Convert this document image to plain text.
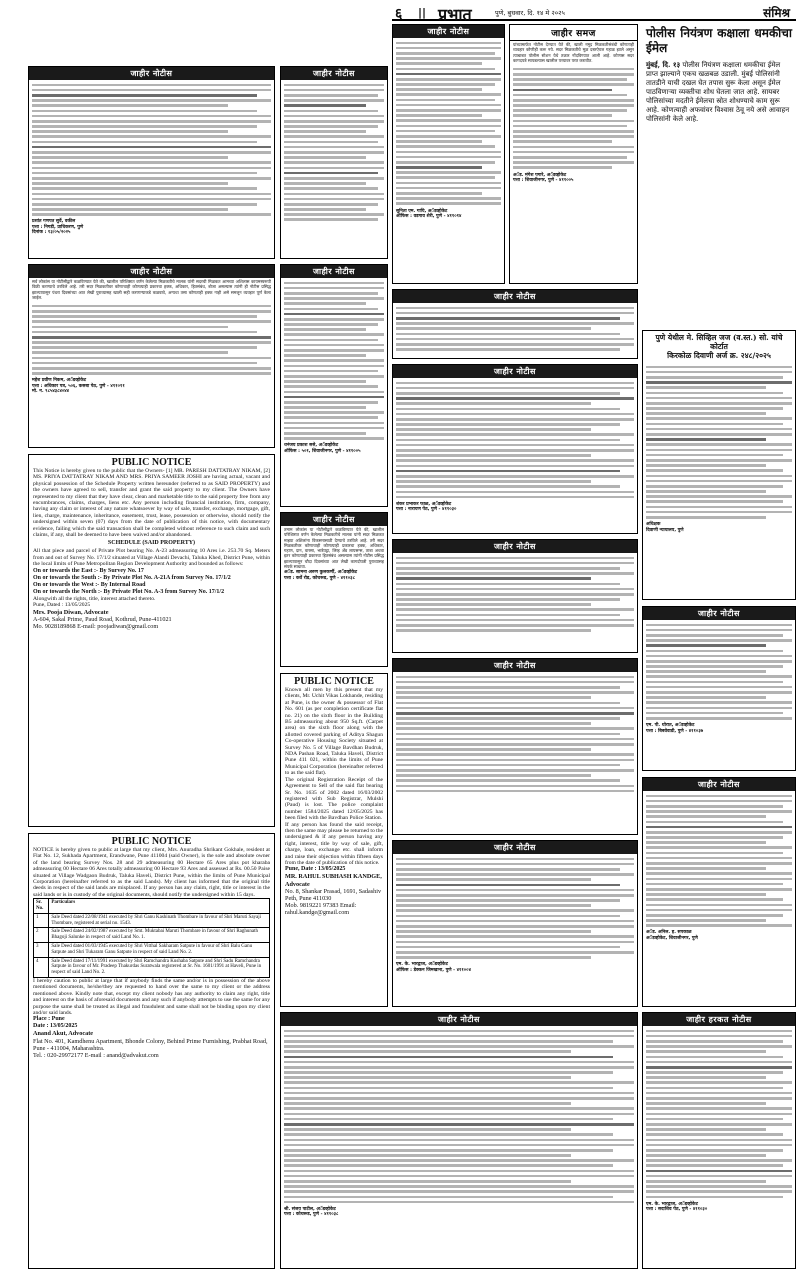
६ || प्रभात	पुणे, बुधवार, दि. १४ मे २०२५	संमिश्र
जाहीर नोटीस
प्रशांत गणपत सुर्वे, वकील
पत्ता : निगडी, प्राधिकरण, पुणे
दिनांक : १३/०५/२०२५
जाहीर नोटीस
सर्व लोकांस या नोटीसीद्वारे कळविण्यात येते की, खालील परिशिष्टात वर्णन केलेल्या मिळकतीचे मालक यांनी सदरची मिळकत आमच्या अशिलास कायमस्वरूपी विक्री करण्याचे ठरविले आहे. तरी सदर मिळकतीवर कोणाचाही कोणत्याही प्रकारचा हक्क, अधिकार, हितसंबंध, बोजा असल्यास त्यांनी ही नोटीस प्रसिद्ध झाल्यापासून पंधरा दिवसांच्या आत लेखी पुराव्यासह खाली सही करणाऱ्याकडे कळवावे, अन्यथा तसा कोणताही हक्क नाही असे समजून व्यवहार पूर्ण केला जाईल.
महेश प्रवीण निकम, अॅडव्होकेट
पत्ता : अधिकार पत्र, ५०६, कसबा पेठ, पुणे - ४११०११
मो. न. ९८५४३८४०४४
PUBLIC NOTICE
This Notice is hereby given to the public that the Owners- [1] MR. PARESH DATTATRAY NIKAM, [2] MS. PRIYA DATTATRAY NIKAM AND MRS. PRIYA SAMEER JOSHI are having actual, vacant and physical possession of the Schedule Property written hereunder (referred to as SAID PROPERTY) and the owners have agreed to sell, transfer and grant the said property to my client. The Owners have represented to my client that they have clear, clean and marketable title to the said property free from any encumbrances, claims, charges, liens etc. Any person including financial institution, firm, company, having any claim or interest of any nature whatsoever by way of sale, transfer, exchange, mortgage, gift, lien, charge, maintenance, inheritance, easement, trust, lease, possession or otherwise, should notify the undersigned within seven (07) days from the date of publication of this notice, with documentary evidence, failing which the said transaction shall be completed without reference to such claim and such claims, if any, shall be deemed to have been waived and/or abandoned.
SCHEDULE (SAID PROPERTY)
All that piece and parcel of Private Plot bearing No. A-23 admeasuring 10 Ares i.e. 253.70 Sq. Meters from and out of Survey No. 17/1/2 situated at Village Alandi Devachi, Taluka Khed, District Pune, within the local limits of Pune Metropolitan Region Development Authority and bounded as follows:
On or towards the East :- By Survey No. 17
On or towards the South :- By Private Plot No. A-21A from Survey No. 17/1/2
On or towards the West :- By Internal Road
On or towards the North :- By Private Plot No. A-3 from Survey No. 17/1/2
Alongwith all the rights, title, interest attached thereto.
Pune, Dated : 13/05/2025
Mrs. Pooja Diwan, Advocate
A-604, Sakal Prime, Paud Road, Kothrud, Pune-411021
Mo. 9028189868 E-mail: poojadiwan@gmail.com
PUBLIC NOTICE
NOTICE is hereby given to public at large that my client, Mrs. Anuradha Shrikant Gokhale, resident at Flat No. 12, Sukhada Apartment, Erandwane, Pune 411004 (said Owner), is the sole and absolute owner of the land bearing Survey Nos. 28 and 29 admeasuring 00 Hectare 65 Ares plus pot kharaba admeasuring 00 Hectare 06 Ares totally admeasuring 00 Hectare 93 Ares and assessed at Rs. 00.50 Paise situated at Village Wadgaon Budruk, Taluka Haveli, District Pune, within the limits of Pune Municipal Corporation (hereinafter referred to as the said Lands). My client has informed that the original title deeds in respect of the said lands are misplaced. If any person has any claim, right, title or interest in the said lands or is in custody of the original documents, should notify the undersigned within 15 days.
Sr. No.	Particulars
1	Sale Deed dated 22/08/1941 executed by Shri Ganu Kashinath Thombare in favour of Shri Maruti Sayaji Thombare, registered at serial no. 1543.
2	Sale Deed dated 24/02/1987 executed by Smt. Muktabai Maruti Thombare in favour of Shri Raghunath Bhagoji Salunke in respect of said Land No. 1.
3	Sale Deed dated 01/03/1945 executed by Shri Vitthal Sakharam Satpute in favour of Shri Balu Ganu Satpute and Shri Tukaram Ganu Satpute in respect of said Land No. 2.
4	Sale Deed dated 17/11/1991 executed by Shri Ramchandra Kushaba Satpute and Shri Sadu Ramchandra Satpute in favour of Mr. Pradeep Thakurdas Suratwala registered at Sr. No. 1601/1991 at Haveli, Pune in respect of said Land No. 2.
I hereby caution to public at large that if anybody finds the same and/or is in possession of the above mentioned documents, he/she/they are requested to hand over the same to my client or the address mentioned above. Kindly note that, except my client nobody has any authority to claim any right, title and interest on the basis of aforesaid documents and any such if anybody attempts to use the same for any purpose the same shall be treated as illegal and fraudulent and same shall not be binding upon my client and/or said lands.
Place : Pune
Date : 13/05/2025
Anand Akut, Advocate
Flat No. 401, Kamdhenu Apartment, Bhonde Colony, Behind Prime Furnishing, Prabhat Road, Pune - 411004, Maharashtra.
Tel. : 020-29972177 E-mail : anand@advakut.com
जाहीर नोटीस
जाहीर नोटीस
धनंजय प्रकाश ससे, अॅडव्होकेट
ऑफिस : ५०१, शिवाजीनगर, पुणे - ४११००५
जाहीर नोटीस
तमाम लोकांस या नोटीसीद्वारे कळविण्यात येते की, खालील परिशिष्टात वर्णन केलेल्या मिळकतीचे मालक यांनी सदर मिळकत माझ्या अशिलांना विकसनासाठी देण्याचे ठरविले आहे. तरी सदर मिळकतीवर कोणाचाही कोणत्याही प्रकारचा हक्क, अधिकार, गहाण, दान, वारसा, भाडेपट्टा, लिव्ह अँड लायसन्स, ताबा अथवा इतर कोणत्याही प्रकारचा हितसंबंध असल्यास त्यांनी नोटीस प्रसिद्ध झाल्यापासून चौदा दिवसांच्या आत लेखी कागदोपत्री पुराव्यासह संपर्क साधावा.
अॅड. सामना अरुण कुलकर्णी, अॅडव्होकेट
पत्ता : कर्वे रोड, कोथरूड, पुणे - ४११०३८
PUBLIC NOTICE
Known all men by this present that my clients, Mr. Uchit Vikas Lokhande, residing at Pune, is the owner & possessor of Flat No. 601 (as per completion certificate flat no. 21) on the sixth floor in the Building B5 admeasuring about 950 Sq.ft. (Carpet area) on the sixth floor along with the allotted covered parking of Aditya Shagun Co-operative Housing Society situated at Survey No. 5 of Village Bavdhan Budruk, NDA Pashan Road, Taluka Haveli, District Pune 411 021, within the limits of Pune Municipal Corporation (hereinafter referred to as the said flat).
The original Registration Receipt of the Agreement to Sell of the said flat bearing Sr. No. 1635 of 2002 dated 16/03/2002 registered with Sub Registrar, Mulshi (Paud) is lost. The police complaint number 1584/2025 dated 12/05/2025 has been filed with the Bavdhan Police Station.
If any person has found the said receipt, then the same may please be returned to the undersigned & if any person having any right, interest, title by way of sale, gift, charge, loan, exchange etc. shall inform and raise their objection within fifteen days from the date of publication of this notice.
Pune, Date : 13/05/2025
MR. RAHUL SUBHASH KANDGE, Advocate
No. 8, Shankar Prasad, 1691, Sadashiv Peth, Pune 411030
Mob. 9819221 97383 Email: rahul.kandge@gmail.com
जाहीर नोटीस
जाहीर नोटीस
शंकर प्रभाकर फाळ, अॅडव्होकेट
पत्ता : नारायण पेठ, पुणे - ४११०३०
जाहीर नोटीस
श्री. संजय पाटील, अॅडव्होकेट
पत्ता : कोथरूड, पुणे - ४११०३८
जाहीर नोटीस
सुनिता एम. गायि, अॅडव्होकेट
ऑफिस : वडगाव शेरी, पुणे - ४११०१४
जाहीर नोटीस
जाहीर नोटीस
जाहीर नोटीस
एम. के. भारद्वाज, अॅडव्होकेट
ऑफिस : डेक्कन जिमखाना, पुणे - ४११००४
जाहीर समज
यांच्यामार्फत नोटीस देण्यात येते की, खाली नमूद मिळकतीसंबंधी कोणताही व्यवहार कोणीही करू नये. सदर मिळकतीचे मूळ दस्तऐवज गहाळ झाले असून त्याबाबत पोलीस स्टेशन येथे तक्रार नोंदविण्यात आली आहे. कोणास सदर कागदपत्रे सापडल्यास खालील पत्त्यावर परत करावीत.
अॅड. मंगेश पगारे, अॅडव्होकेट
पत्ता : शिवाजीनगर, पुणे - ४११००५
जाहीर हरकत नोटीस
एम. के. भारद्वाज, अॅडव्होकेट
पत्ता : सदाशिव पेठ, पुणे - ४११०३०
पोलीस नियंत्रण कक्षाला धमकीचा ईमेल
मुंबई, दि. १३ पोलीस नियंत्रण कक्षाला धमकीचा ईमेल प्राप्त झाल्याने एकच खळबळ उडाली. मुंबई पोलिसांनी तातडीने याची दखल घेत तपास सुरू केला असून ईमेल पाठविणाऱ्या व्यक्तीचा शोध घेतला जात आहे. सायबर पोलिसांच्या मदतीने ईमेलचा स्रोत शोधण्याचे काम सुरू आहे. कोणत्याही अफवांवर विश्वास ठेवू नये असे आवाहन पोलिसांनी केले आहे.
पुणे येथील मे. सिव्हिल जज (व.स्त.) सो. यांचे कोर्टात
किरकोळ दिवाणी अर्ज क्र. २४८/२०२५
अधिक्षक
दिवाणी न्यायालय, पुणे
जाहीर नोटीस
एम. पी. थोरात, अॅडव्होकेट
पत्ता : बिबवेवाडी, पुणे - ४११०३७
जाहीर नोटीस
अॅड. अनिल. ह. सपकाळ
अॅडव्होकेट, शिवाजीनगर, पुणे
